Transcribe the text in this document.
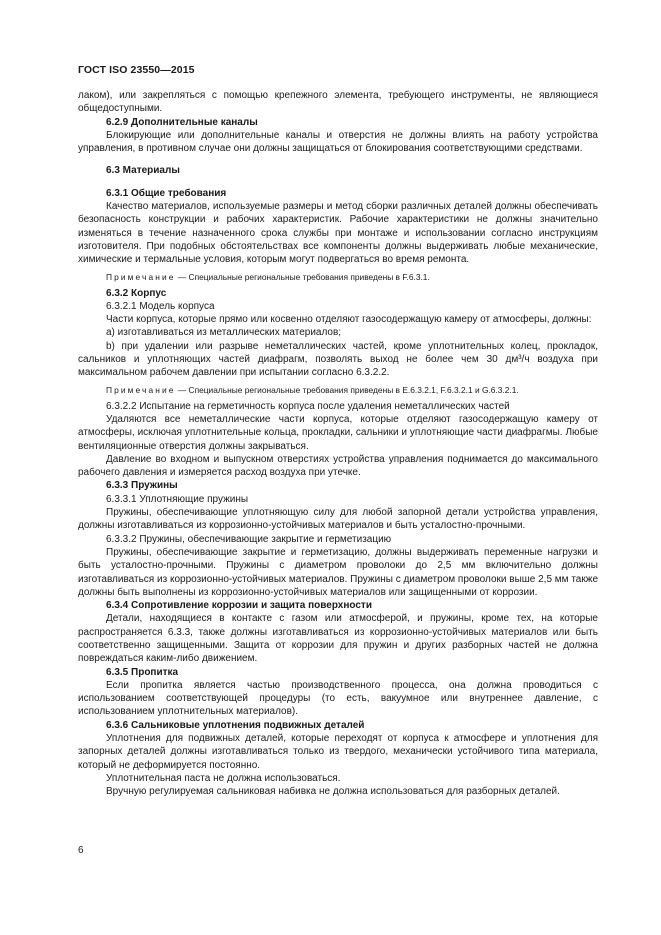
ГОСТ ISO 23550—2015

лаком), или закрепляться с помощью крепежного элемента, требующего инструменты, не являющиеся общедоступными.

6.2.9 Дополнительные каналы

Блокирующие или дополнительные каналы и отверстия не должны влиять на работу устройства управления, в противном случае они должны защищаться от блокирования соответствующими средствами.

6.3 Материалы

6.3.1 Общие требования

Качество материалов, используемые размеры и метод сборки различных деталей должны обеспечивать безопасность конструкции и рабочих характеристик. Рабочие характеристики не должны значительно изменяться в течение назначенного срока службы при монтаже и использовании согласно инструкциям изготовителя. При подобных обстоятельствах все компоненты должны выдерживать любые механические, химические и термальные условия, которым могут подвергаться во время ремонта.

Примечание — Специальные региональные требования приведены в F.6.3.1.

6.3.2 Корпус

6.3.2.1 Модель корпуса

Части корпуса, которые прямо или косвенно отделяют газосодержащую камеру от атмосферы, должны:

a) изготавливаться из металлических материалов;

b) при удалении или разрыве неметаллических частей, кроме уплотнительных колец, прокладок, сальников и уплотняющих частей диафрагм, позволять выход не более чем 30 дм³/ч воздуха при максимальном рабочем давлении при испытании согласно 6.3.2.2.

Примечание — Специальные региональные требования приведены в E.6.3.2.1, F.6.3.2.1 и G.6.3.2.1.

6.3.2.2 Испытание на герметичность корпуса после удаления неметаллических частей

Удаляются все неметаллические части корпуса, которые отделяют газосодержащую камеру от атмосферы, исключая уплотнительные кольца, прокладки, сальники и уплотняющие части диафрагмы. Любые вентиляционные отверстия должны закрываться.

Давление во входном и выпускном отверстиях устройства управления поднимается до максимального рабочего давления и измеряется расход воздуха при утечке.

6.3.3 Пружины

6.3.3.1 Уплотняющие пружины

Пружины, обеспечивающие уплотняющую силу для любой запорной детали устройства управления, должны изготавливаться из коррозионно-устойчивых материалов и быть усталостно-прочными.

6.3.3.2 Пружины, обеспечивающие закрытие и герметизацию

Пружины, обеспечивающие закрытие и герметизацию, должны выдерживать переменные нагрузки и быть усталостно-прочными. Пружины с диаметром проволоки до 2,5 мм включительно должны изготавливаться из коррозионно-устойчивых материалов. Пружины с диаметром проволоки выше 2,5 мм также должны быть выполнены из коррозионно-устойчивых материалов или защищенными от коррозии.

6.3.4 Сопротивление коррозии и защита поверхности

Детали, находящиеся в контакте с газом или атмосферой, и пружины, кроме тех, на которые распространяется 6.3.3, также должны изготавливаться из коррозионно-устойчивых материалов или быть соответственно защищенными. Защита от коррозии для пружин и других разборных частей не должна повреждаться каким-либо движением.

6.3.5 Пропитка

Если пропитка является частью производственного процесса, она должна проводиться с использованием соответствующей процедуры (то есть, вакуумное или внутреннее давление, с использованием уплотнительных материалов).

6.3.6 Сальниковые уплотнения подвижных деталей

Уплотнения для подвижных деталей, которые переходят от корпуса к атмосфере и уплотнения для запорных деталей должны изготавливаться только из твердого, механически устойчивого типа материала, который не деформируется постоянно.

Уплотнительная паста не должна использоваться.

Вручную регулируемая сальниковая набивка не должна использоваться для разборных деталей.

6
